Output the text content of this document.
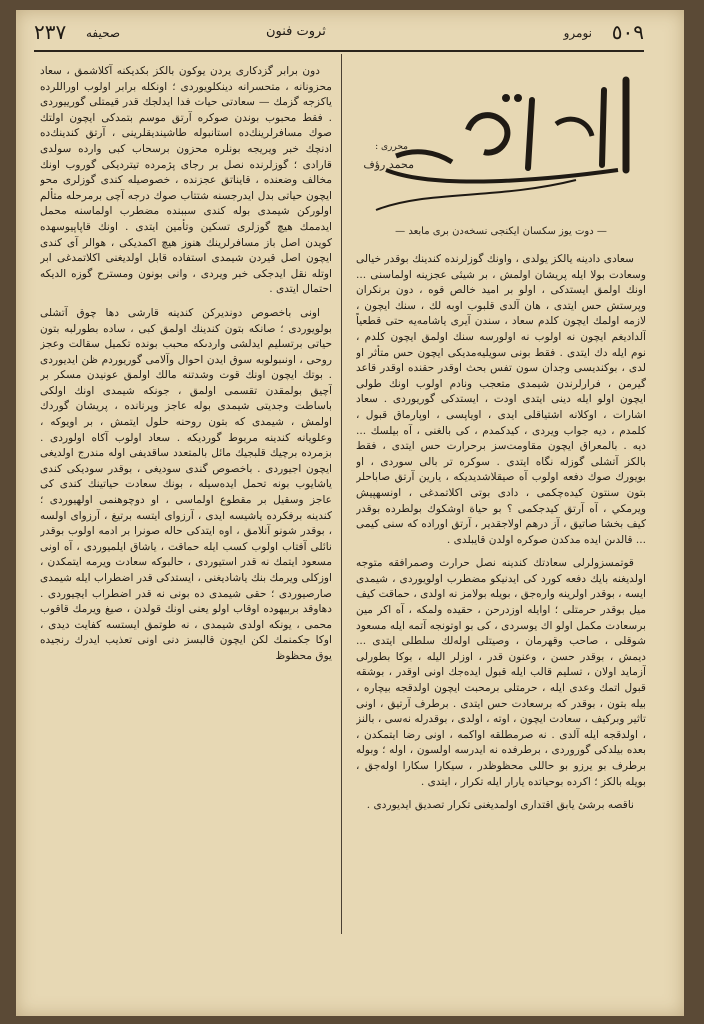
٥٠٩
نومرو
ثروت فنون
صحيفه
٢٣٧
محرری :
محمد رؤف
— دوت يوز سكسان ايكنجی نسخه‌دن برى مابعد —

سعادى دادينه يالكز يولدى ، واونك گوزلرنده كندينك بوقدر خيالى وسعادت بولا ايله پريشان اولمش ، بر شيئى عجزينه اولماسنى ... اونك اولمق ايستدكى ، اولو بر اميد خالص قوه ، دون برنكران وپرستش حس ايتدى ، هان آلدى قلبوب اوبه لك ، سنك ايچون ، لازمه اولمك ايچون كلدم سعاد ، سندن آيرى ياشامه‌يه حتى قطعياً آلداديغم ايچون نه اولوب نه اولورسه سنك اولمق ايچون كلدم ، نوم ايله دك ايتدى . فقط بونى سويليه‌مديكى ايچون حس متأثر او لدى ، بوكنديسى وجدان سون تفس بحث اوقدر حقنده اوقدر قاعد گيرمن ، فرارلرندن شيمدى متعجب ونادم اولوب اونك طولى ايچون اولو ايله دينى ايتدى اودت ، ايستدكى گوريوردى . سعاد اشارات ، اوكلانه اشتياقلى ايدى ، اوياپسى ، اوپارماق قبول ، كلمدم ، ديه جواب ويردى ، كيدكمدم ، كى بالغنى ، آه بيلسك ... ديه . بالمعراق ايچون مقاومت‌سز برحرارت حس ايتدى ، فقط بالكز آتشلى گوزله نگاه ايتدى . سوكره تر بالى سوردى ، او بويورك صوك دفعه اولوب آه صيقلاشديديكه ، يارين آرتق صاباحلر بتون سنتون كيده‌چكمى ، دادى بوتى اكلاتمدغى ، اونسهپيش ويرمكي ، آه آرتق كيدجكمى ؟ بو حياة اوشكوك بولطرده بوقدر كيف بخشا صاتيق ، آز درهم اولاجقدير ، آرتق اوراده كه سنى كيمى ... قالدىن ايده مدكدن صوكره اولدن قايبلدى .

قوتمسزولرلى سعادتك كندينه نصل حرارت وصمرافقه متوجه اولديغنه بايك دفعه كورد كى ايدنيكو مضطرب اولويوردى ، شيمدى ايسه ، بوقدر اولرينه واره‌جق ، بويله بولامز نه اولدى ، حماقت كيف ميل بوقدر حرمتلى ؛ اوايله اوزدرحن ، حقيده ولمكه ، آه اكر مين برسعادت مكمل اولو اك يوسردى ، كى بو اوتونجه آتمه ايله مسعود شوقلى ، صاحب وقهرمان ، وصيتلى اوله‌لك سلطلى ايتدى ... ديمش ، بوقدر حسن ، وعنون قدر ، اوزلر اليله ، بوكا بطورلى آزمايد اولان ، تسليم قالب ايله قبول ايده‌جك اونى اوقدر ، بوشقه قبول اتمك وعدى ايله ، حرمتلى برمحبت ايچون اولدقجه بيچاره ، بيله بتون ، بوقدر كه برسعادت حس ايتدى . برطرف آرتيق ، اونى تاثير وبركيف ، سعادت ايچون ، اوته ، اولدى ، بوقدرله نه‌سى ، بالنز ، اولدقجه ايله آلدى . نه صرمطلقه اواكمه ، اونى رضا ايتمكدن ، بعده بيلدكى گوروردى ، برطرفده نه ايدرسه اولسون ، اوله ؛ وبوله برطرف بو يرزو بو حاللى محظوظدر ، سيكارا سكارا اوله‌جق ، بويله بالكز ؛ اكرده بوحياتده يارار ايله تكرار ، ايتدى .

ناقصه برشئ يابق اقتدارى اولمديغنى تكرار تصديق ايديوردى .

دون برابر گزدكارى يردن يوكون بالكز بكديكنه آكلاشمق ، سعاد محزونانه ، متحسرانه دينكلويوردى ؛ اونكله برابر اولوب اوراللرده ياكزجه گزمك — سعادتی حيات فدا ايدلجك قدر قيمتلى گورييوردى . فقط محبوب بوندن صوكره آرتق موسم بتمدكى ايچون اولتك صوك مسافرلرينك‌ده استانبوله طاشينديقلرينى ، آرتق كندينك‌ده ادنچك خبر ويريجه بونلره محزون برسحاب كبى وارده سولدى قارادى ؛ گوزلرنده نصل بر رجاى پژمرده تيترديكى گوروب اونك مخالف وضعنده ، قايناتق عجزنده ، خصوصيله كندى گوزلرى محو ايچون حياتى بدل ايدرجسنه شتتاب صوك درجه آچى برمرحله متألم اولوركن شيمدى بوله كندى سببنده مضطرب اولماسنه محمل ايدممك هيچ گوزلرى تسكين وتأمين ايتدى . اونك قاپاپيوسهده كويدن اصل باز مسافرلرينك هنوز هيچ اكمديكى ، هوالر آى كندى ايچون اصل قيردن شيمدى استفاده قابل اولديغنى اكلاتمدغى ابر اوتله نقل ايدجكى خبر ويردى ، وانى بونون ومسترح گوزه الديكه احتمال ايتدى .

اونى باخصوص دونديركن كندينه قارشى دها چوق آتشلى بولويوردى ؛ صانكه بتون كندينك اولمق كبى ، ساده بطورلبه بتون حياتى برتسليم ايدلشى واردىكه محبب بونده تكميل سقالت وعجز روحى ، اونىبولوبه سوق ايدن احوال وآلامى گوريوردم ظن ايديوردى . بوتك ايچون اونك قوت وشدتنه مالك اولمق عونيدن مسكر بر آچيق بولمقدن تقسمى اولمق ، جونكه شيمدى اونك اولكى باساطت وجديتى شيمدى بوله عاجز وپرنانده ، پريشان گوردك اولمش ، شيمدى كه بتون روحنه حلول ايتمش ، بر اويوكه ، وعلويانه كندينه مربوط گورديكه . سعاد اولوب آكاه اولوردى . بزمرده برچيك قلبجيك مائل بالمتعدد ساقديفى اوله مندرج اولديغى ايچون اجيوردى . باخصوص گندى سوديغى ، بوقدر سوديكى كندى ياشايوب بونه تحمل ايده‌سيله ، بونك سعادت حياتينك كندى كى عاجز وسقيل بر مقطوع اولماسى ، او دوچوهنمى اولهيوردى ؛ كندينه برفكرده ياشيسه ايدى ، آرزواى ايتسه برتيغ ، آرزواى اولسه ، بوقدر شونو آنلامق ، اوه ايتدكى حاله صونرا بر ادمه اولوب بوقدر نائلى آفتاب اولوب كسب ايله حماقت ، ياشاق ايلميوردى ، آه اونى مسعود ايتمك نه قدر استيوردى ، حالبوكه سعادت ويرمه ايتمكدن ، اوزكلى ويرمك بنك ياشاديغنى ، ايستدكى قدر اضطراب ايله شيمدى صارصيوردى ؛ حقى شيمدى ده بونى نه قدر اضطراب ايچيوردى . دهاوقد بربيهوده اوقاب اولو يعنى اونك قولدن ، صيغ ويرمك قاقوب محمى ، يونكه اولدى شيمدى ، نه طوتمق ايستسه كفايت ديدى ، اوكا جكمنمك لكن ايچون قالبسز دنى اونى تعذيب ايدرك رنجيده يوق محظوظ
